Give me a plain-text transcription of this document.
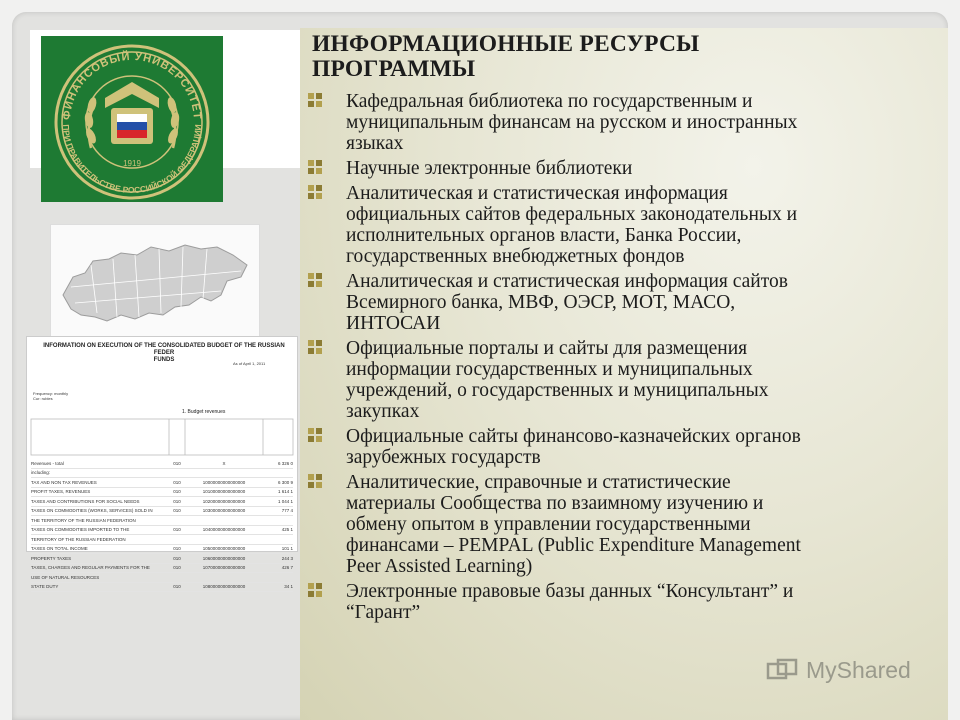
ФИНАНСОВЫЙ УНИВЕРСИТЕТ
ПРИ ПРАВИТЕЛЬСТВЕ РОССИЙСКОЙ ФЕДЕРАЦИИ
1919
INFORMATION ON EXECUTION OF THE CONSOLIDATED BUDGET OF THE RUSSIAN FEDER
FUNDS
As of April 1, 2011
Frequency: monthly
Cur: rubles
1. Budget revenues
Revenues - total	010	X	6 326 0
including:
TAX AND NON TAX REVENUES	010	10000000000000000	6 300 9
PROFIT TAXES, REVENUES	010	10100000000000000	1 614 1
TAXES AND CONTRIBUTIONS FOR SOCIAL NEEDS	010	10200000000000000	1 044 1
TAXES ON COMMODITIES (WORKS, SERVICES) SOLD IN	010	10300000000000000	777 4
THE TERRITORY OF THE RUSSIAN FEDERATION
TAXES ON COMMODITIES IMPORTED TO THE	010	10400000000000000	425 1
TERRITORY OF THE RUSSIAN FEDERATION
TAXES ON TOTAL INCOME	010	10500000000000000	101 1
PROPERTY TAXES	010	10600000000000000	244 3
TAXES, CHARGES AND REGULAR PAYMENTS FOR THE	010	10700000000000000	426 7
USE OF NATURAL RESOURCES
STATE DUTY	010	10800000000000000	34 1
ИНФОРМАЦИОННЫЕ РЕСУРСЫ
ПРОГРАММЫ
Кафедральная библиотека по государственным и
муниципальным финансам на русском и иностранных
языках
Научные электронные библиотеки
Аналитическая и статистическая информация
официальных сайтов федеральных законодательных и
исполнительных органов власти, Банка России,
государственных внебюджетных фондов
Аналитическая и статистическая информация сайтов
Всемирного банка, МВФ, ОЭСР, МОТ, МАСО,
ИНТОСАИ
Официальные порталы и сайты для размещения
информации государственных и муниципальных
учреждений, о государственных и муниципальных
закупках
Официальные сайты финансово-казначейских органов
зарубежных государств
Аналитические, справочные и статистические
материалы Сообщества по взаимному изучению и
обмену опытом в управлении государственными
финансами – PEMPAL (Public Expenditure Management
Peer Assisted Learning)
Электронные правовые базы данных “Консультант” и
“Гарант”
MyShared
